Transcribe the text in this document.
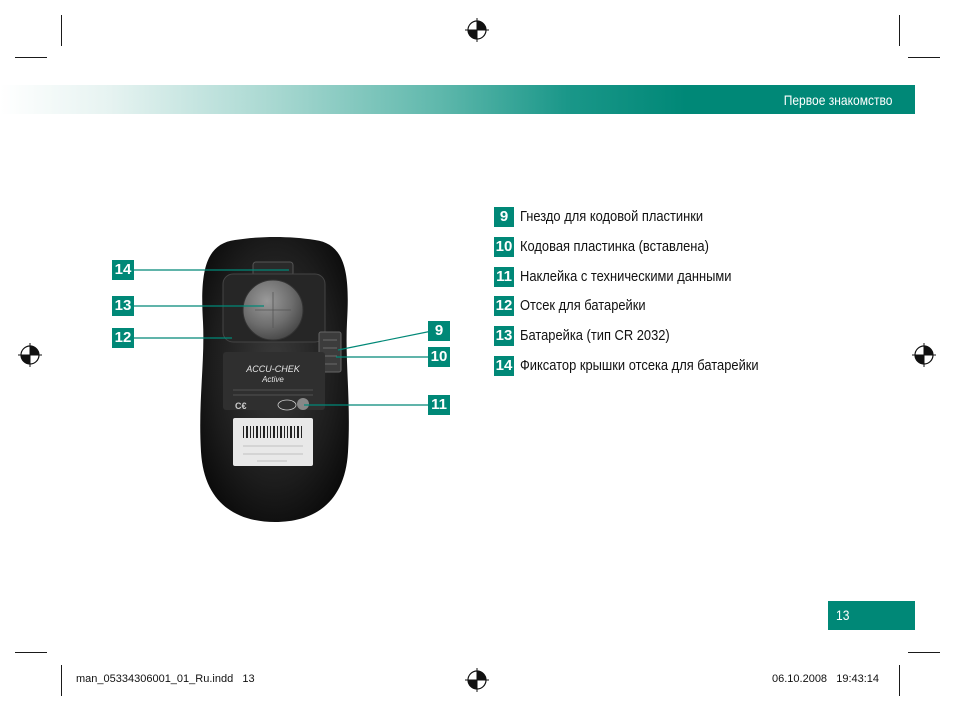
Первое знакомство
ACCU-CHEK
Active
C€
14
13
12	9
10
11
9 Гнездо для кодовой пластинки
10 Кодовая пластинка (вставлена)
11 Наклейка с техническими данными
12 Отсек для батарейки
13 Батарейка (тип CR 2032)
14 Фиксатор крышки отсека для батарейки
13
man_05334306001_01_Ru.indd   13	06.10.2008   19:43:14
